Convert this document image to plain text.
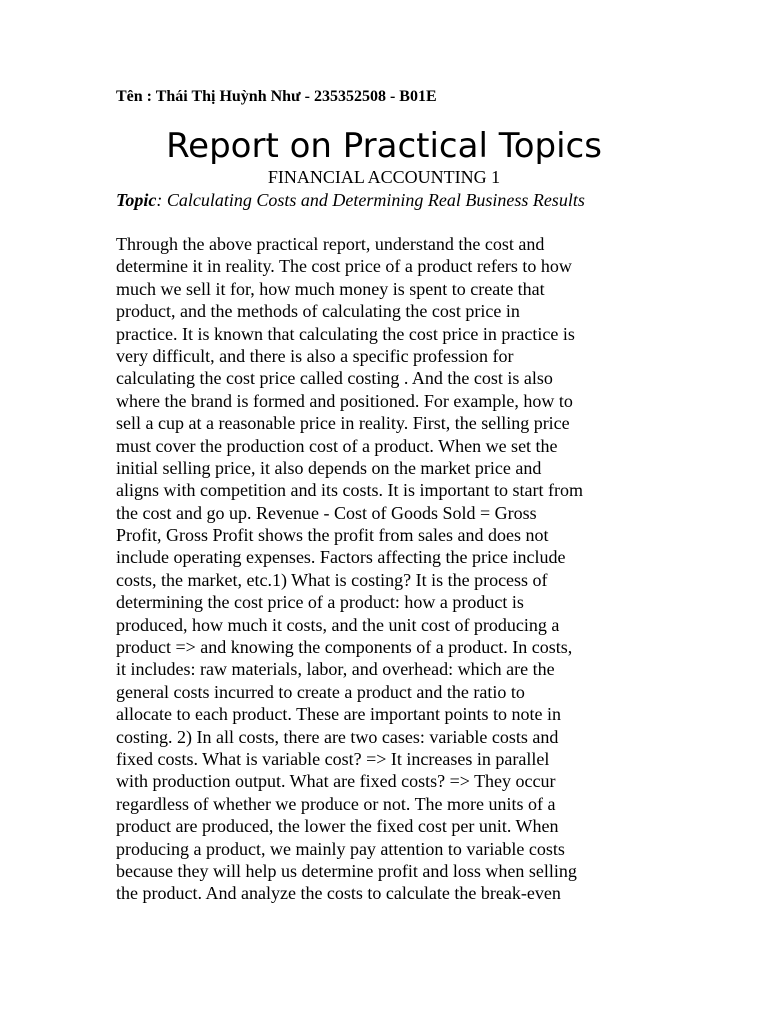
Tên : Thái Thị Huỳnh Như - 235352508 - B01E
Report on Practical Topics
FINANCIAL ACCOUNTING 1
Topic: Calculating Costs and Determining Real Business Results
Through the above practical report, understand the cost and
determine it in reality. The cost price of a product refers to how
much we sell it for, how much money is spent to create that
product, and the methods of calculating the cost price in
practice. It is known that calculating the cost price in practice is
very difficult, and there is also a specific profession for
calculating the cost price called costing . And the cost is also
where the brand is formed and positioned. For example, how to
sell a cup at a reasonable price in reality. First, the selling price
must cover the production cost of a product. When we set the
initial selling price, it also depends on the market price and
aligns with competition and its costs. It is important to start from
the cost and go up. Revenue - Cost of Goods Sold = Gross
Profit, Gross Profit shows the profit from sales and does not
include operating expenses. Factors affecting the price include
costs, the market, etc.1) What is costing? It is the process of
determining the cost price of a product: how a product is
produced, how much it costs, and the unit cost of producing a
product => and knowing the components of a product. In costs,
it includes: raw materials, labor, and overhead: which are the
general costs incurred to create a product and the ratio to
allocate to each product. These are important points to note in
costing. 2) In all costs, there are two cases: variable costs and
fixed costs. What is variable cost? => It increases in parallel
with production output. What are fixed costs? => They occur
regardless of whether we produce or not. The more units of a
product are produced, the lower the fixed cost per unit. When
producing a product, we mainly pay attention to variable costs
because they will help us determine profit and loss when selling
the product. And analyze the costs to calculate the break-even
